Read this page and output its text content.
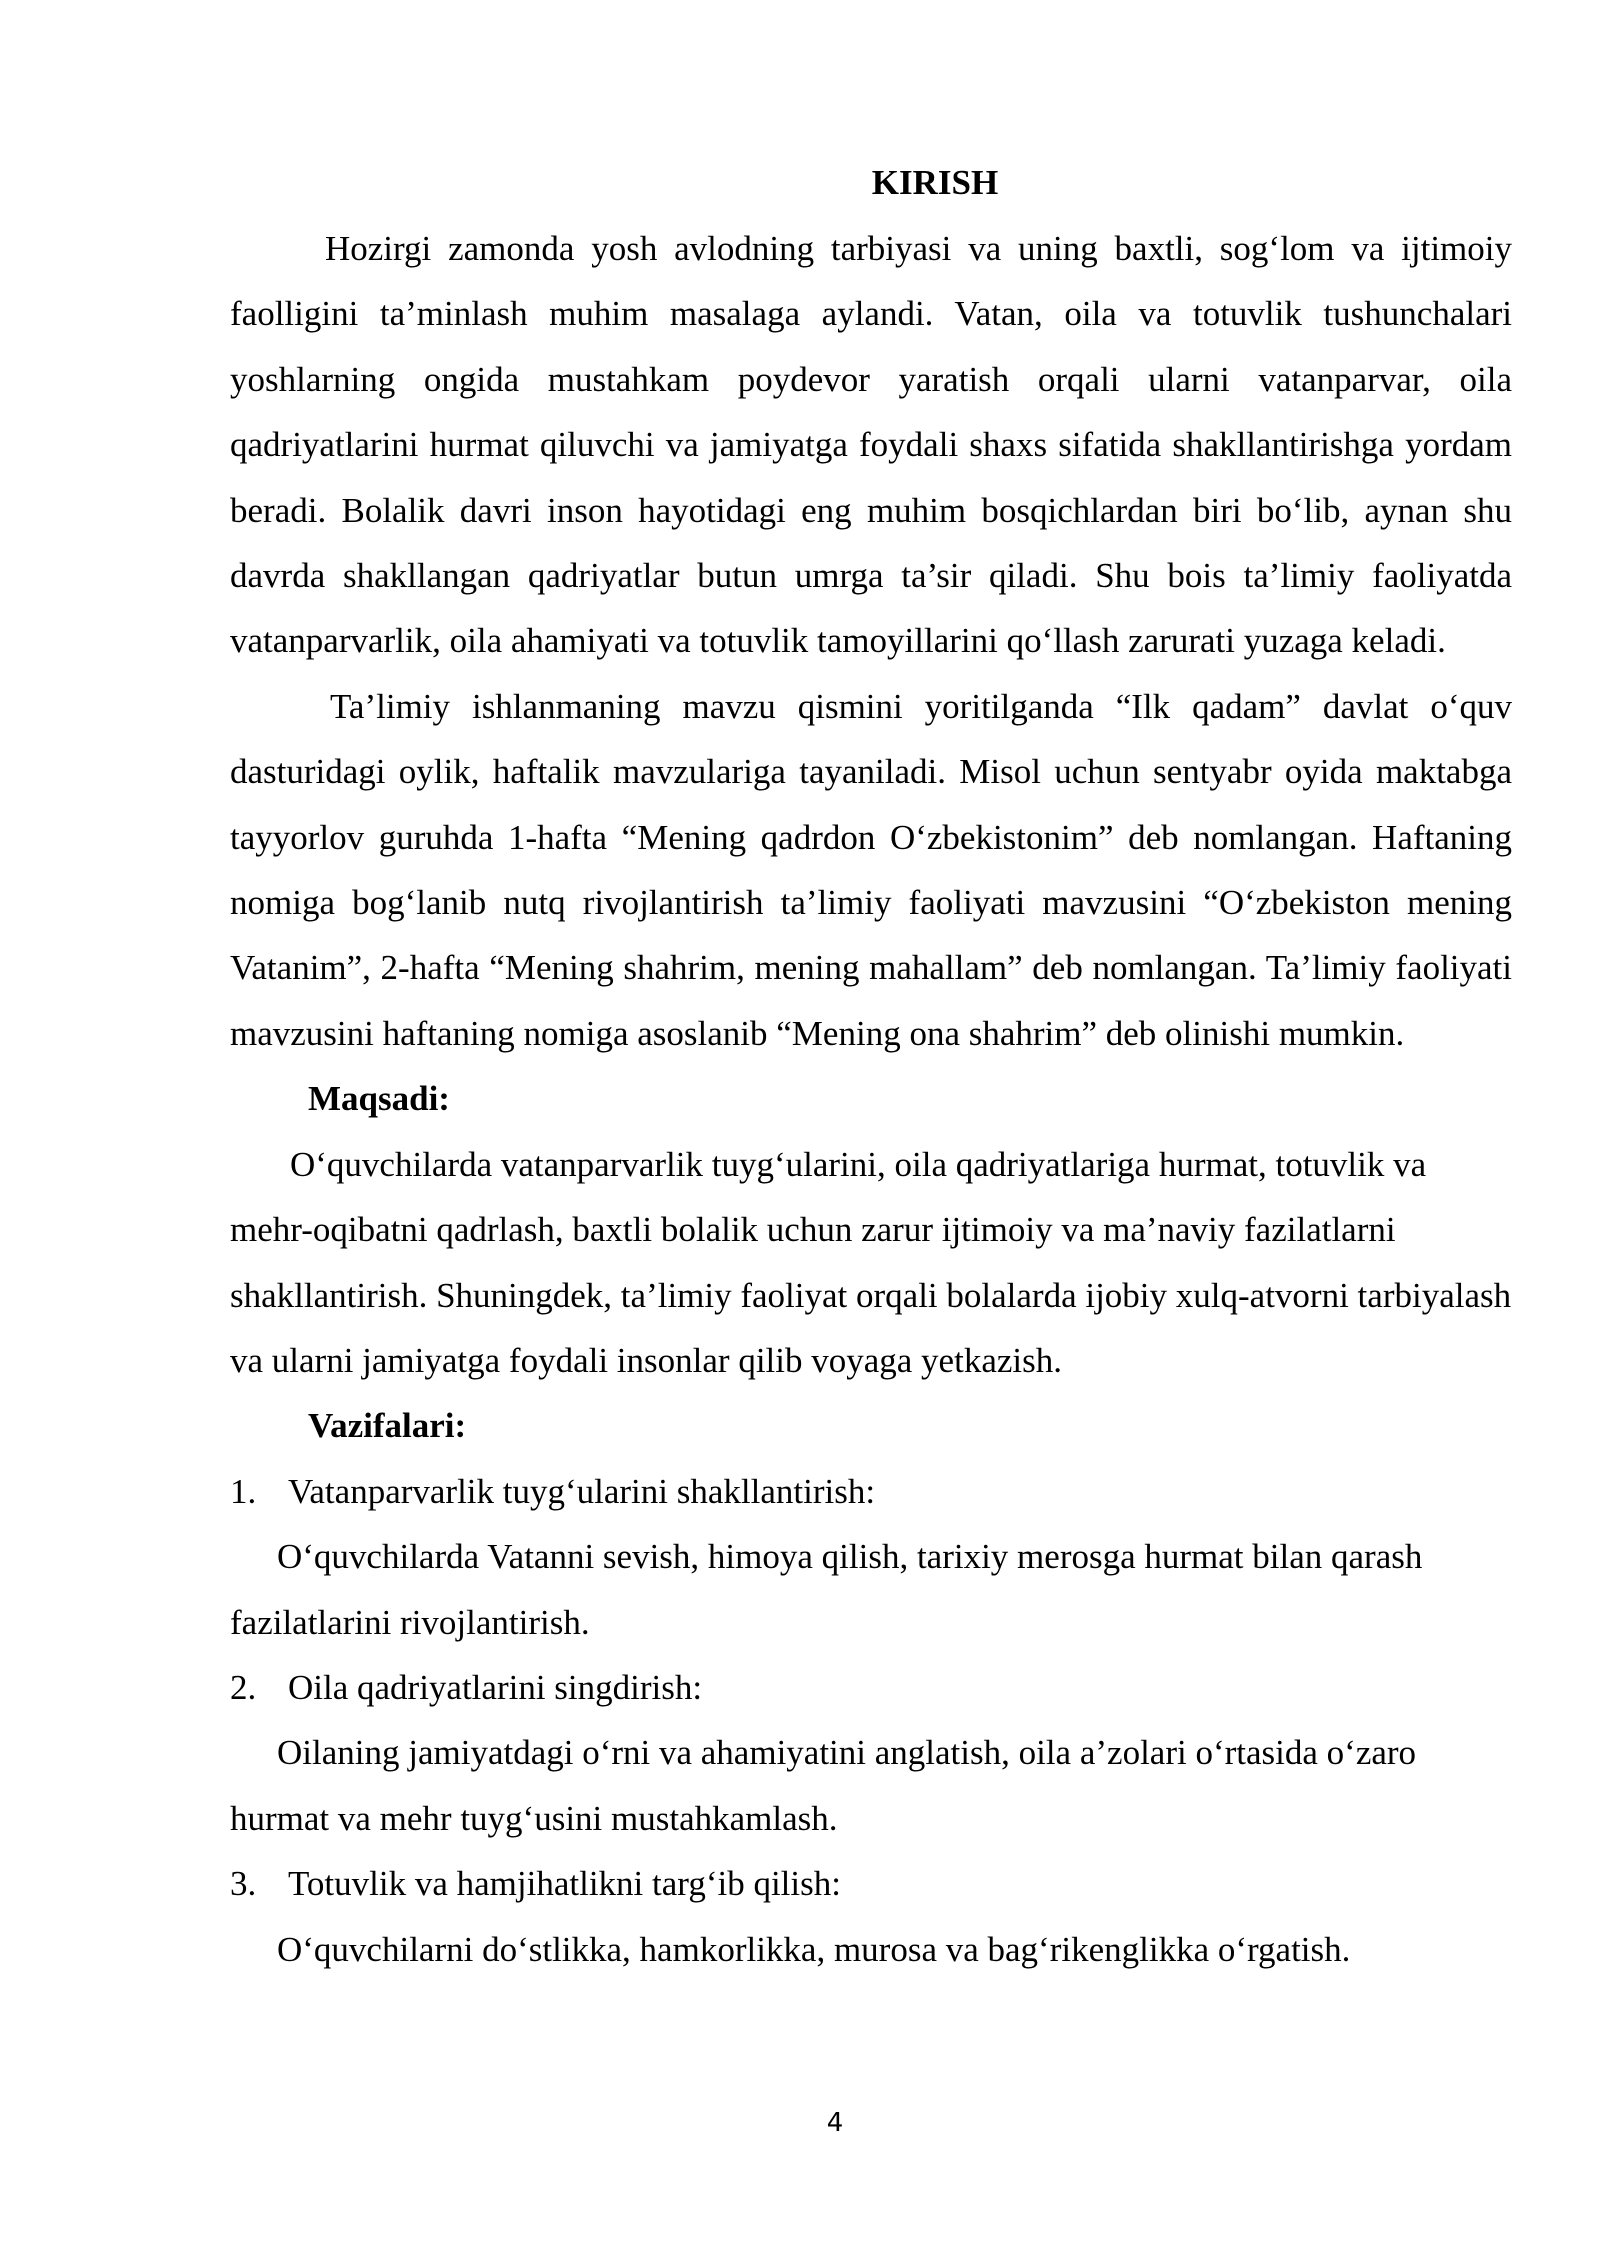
KIRISH

Hozirgi zamonda yosh avlodning tarbiyasi va uning baxtli, sog‘lom va ijtimoiy faolligini ta’minlash muhim masalaga aylandi. Vatan, oila va totuvlik tushunchalari yoshlarning ongida mustahkam poydevor yaratish orqali ularni vatanparvar, oila qadriyatlarini hurmat qiluvchi va jamiyatga foydali shaxs sifatida shakllantirishga yordam beradi. Bolalik davri inson hayotidagi eng muhim bosqichlardan biri bo‘lib, aynan shu davrda shakllangan qadriyatlar butun umrga ta’sir qiladi. Shu bois ta’limiy faoliyatda vatanparvarlik, oila ahamiyati va totuvlik tamoyillarini qo‘llash zarurati yuzaga keladi.

Ta’limiy ishlanmaning mavzu qismini yoritilganda “Ilk qadam” davlat o‘quv dasturidagi oylik, haftalik mavzulariga tayaniladi. Misol uchun sentyabr oyida maktabga tayyorlov guruhda 1-hafta “Mening qadrdon O‘zbekistonim” deb nomlangan. Haftaning nomiga bog‘lanib nutq rivojlantirish ta’limiy faoliyati mavzusini “O‘zbekiston mening Vatanim”, 2-hafta “Mening shahrim, mening mahallam” deb nomlangan. Ta’limiy faoliyati mavzusini haftaning nomiga asoslanib “Mening ona shahrim” deb olinishi mumkin.

Maqsadi:

O‘quvchilarda vatanparvarlik tuyg‘ularini, oila qadriyatlariga hurmat, totuvlik va mehr-oqibatni qadrlash, baxtli bolalik uchun zarur ijtimoiy va ma’naviy fazilatlarni shakllantirish. Shuningdek, ta’limiy faoliyat orqali bolalarda ijobiy xulq-atvorni tarbiyalash va ularni jamiyatga foydali insonlar qilib voyaga yetkazish.

Vazifalari:

1. Vatanparvarlik tuyg‘ularini shakllantirish:

O‘quvchilarda Vatanni sevish, himoya qilish, tarixiy merosga hurmat bilan qarash fazilatlarini rivojlantirish.

2. Oila qadriyatlarini singdirish:

Oilaning jamiyatdagi o‘rni va ahamiyatini anglatish, oila a’zolari o‘rtasida o‘zaro hurmat va mehr tuyg‘usini mustahkamlash.

3. Totuvlik va hamjihatlikni targ‘ib qilish:

O‘quvchilarni do‘stlikka, hamkorlikka, murosa va bag‘rikenglikka o‘rgatish.

4
